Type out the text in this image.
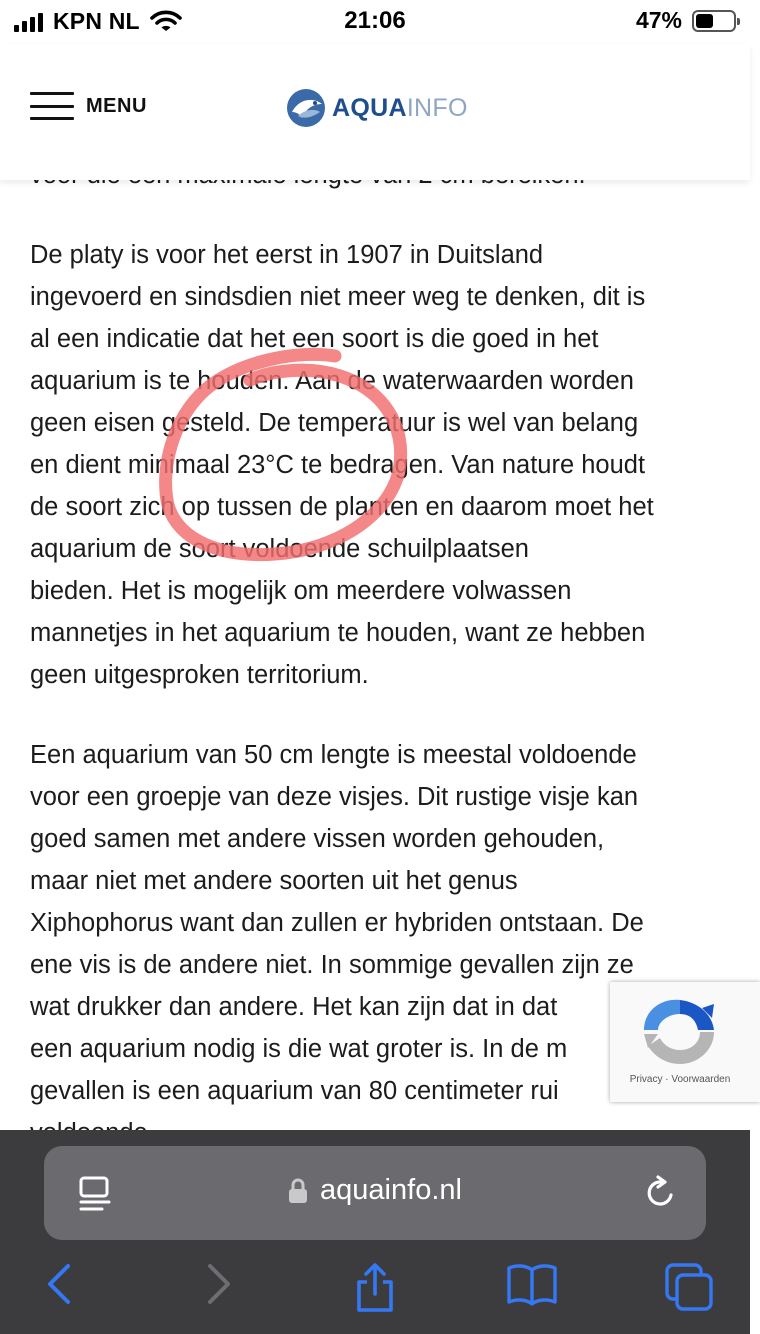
KPN NL	21:06	47%
MENU	AQUAINFO
De platy is voor het eerst in 1907 in Duitsland
ingevoerd en sindsdien niet meer weg te denken, dit is
al een indicatie dat het een soort is die goed in het
aquarium is te houden. Aan de waterwaarden worden
geen eisen gesteld. De temperatuur is wel van belang
en dient minimaal 23°C te bedragen. Van nature houdt
de soort zich op tussen de planten en daarom moet het
aquarium de soort voldoende schuilplaatsen
bieden. Het is mogelijk om meerdere volwassen
mannetjes in het aquarium te houden, want ze hebben
geen uitgesproken territorium.
Een aquarium van 50 cm lengte is meestal voldoende
voor een groepje van deze visjes. Dit rustige visje kan
goed samen met andere vissen worden gehouden,
maar niet met andere soorten uit het genus
Xiphophorus want dan zullen er hybriden ontstaan. De
ene vis is de andere niet. In sommige gevallen zijn ze
wat drukker dan andere. Het kan zijn dat in dat
een aquarium nodig is die wat groter is. In de m
gevallen is een aquarium van 80 centimeter rui	Privacy · Voorwaarden
aquainfo.nl
